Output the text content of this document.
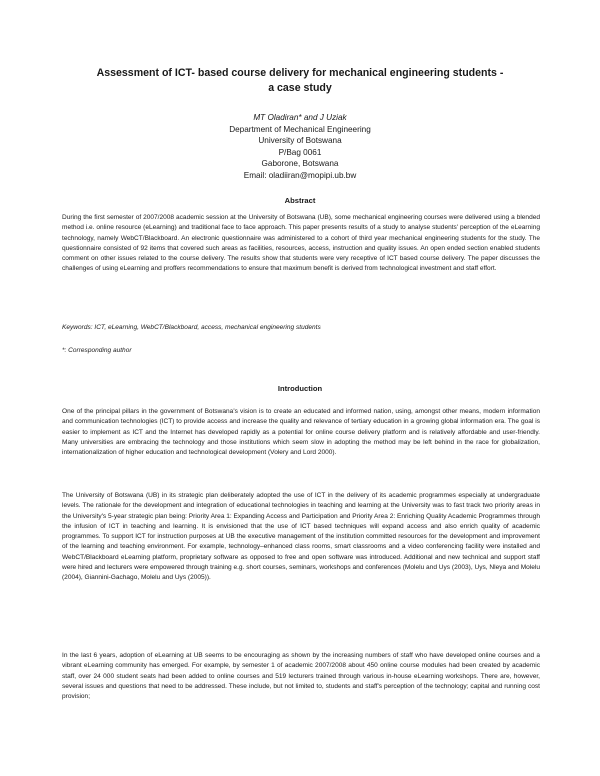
Assessment of ICT- based course delivery for mechanical engineering students - a case study
MT Oladiran* and J Uziak
Department of Mechanical Engineering
University of Botswana
P/Bag 0061
Gaborone, Botswana
Email: oladiiran@mopipi.ub.bw
Abstract

During the first semester of 2007/2008 academic session at the University of Botswana (UB), some mechanical engineering courses were delivered using a blended method i.e. online resource (eLearning) and traditional face to face approach. This paper presents results of a study to analyse students' perception of the eLearning technology, namely WebCT/Blackboard. An electronic questionnaire was administered to a cohort of third year mechanical engineering students for the study. The questionnaire consisted of 92 items that covered such areas as facilities, resources, access, instruction and quality issues. An open ended section enabled students comment on other issues related to the course delivery. The results show that students were very receptive of ICT based course delivery. The paper discusses the challenges of using eLearning and proffers recommendations to ensure that maximum benefit is derived from technological investment and staff effort.

Keywords: ICT, eLearning, WebCT/Blackboard, access, mechanical engineering students

*: Corresponding author

Introduction

One of the principal pillars in the government of Botswana's vision is to create an educated and informed nation, using, amongst other means, modern information and communication technologies (ICT) to provide access and increase the quality and relevance of tertiary education in a growing global information era. The goal is easier to implement as ICT and the Internet has developed rapidly as a potential for online course delivery platform and is relatively affordable and user-friendly. Many universities are embracing the technology and those institutions which seem slow in adopting the method may be left behind in the race for globalization, internationalization of higher education and technological development (Volery and Lord 2000).

The University of Botswana (UB) in its strategic plan deliberately adopted the use of ICT in the delivery of its academic programmes especially at undergraduate levels. The rationale for the development and integration of educational technologies in teaching and learning at the University was to fast track two priority areas in the University's 5-year strategic plan being: Priority Area 1: Expanding Access and Participation and Priority Area 2: Enriching Quality Academic Programmes through the infusion of ICT in teaching and learning. It is envisioned that the use of ICT based techniques will expand access and also enrich quality of academic programmes. To support ICT for instruction purposes at UB the executive management of the institution committed resources for the development and improvement of the learning and teaching environment. For example, technology–enhanced class rooms, smart classrooms and a video conferencing facility were installed and WebCT/Blackboard eLearning platform, proprietary software as opposed to free and open software was introduced. Additional and new technical and support staff were hired and lecturers were empowered through training e.g. short courses, seminars, workshops and conferences (Molelu and Uys (2003), Uys, Nleya and Molelu (2004), Giannini-Gachago, Molelu and Uys (2005)).

In the last 6 years, adoption of eLearning at UB seems to be encouraging as shown by the increasing numbers of staff who have developed online courses and a vibrant eLearning community has emerged. For example, by semester 1 of academic 2007/2008 about 450 online course modules had been created by academic staff, over 24 000 student seats had been added to online courses and 519 lecturers trained through various in-house eLearning workshops. There are, however, several issues and questions that need to be addressed. These include, but not limited to, students and staff's perception of the technology; capital and running cost provision;
